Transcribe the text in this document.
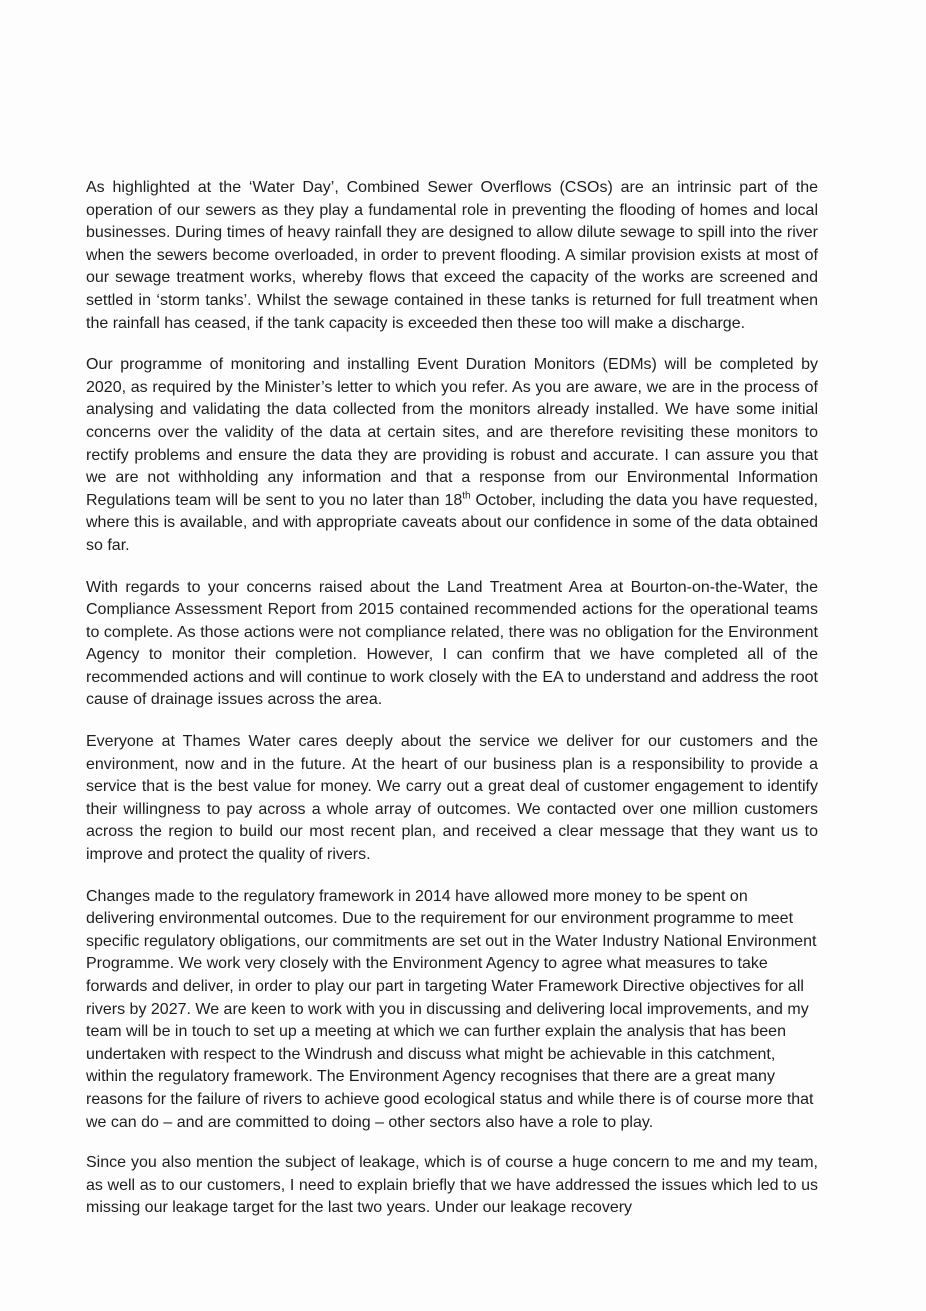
As highlighted at the ‘Water Day’, Combined Sewer Overflows (CSOs) are an intrinsic part of the operation of our sewers as they play a fundamental role in preventing the flooding of homes and local businesses. During times of heavy rainfall they are designed to allow dilute sewage to spill into the river when the sewers become overloaded, in order to prevent flooding. A similar provision exists at most of our sewage treatment works, whereby flows that exceed the capacity of the works are screened and settled in ‘storm tanks’. Whilst the sewage contained in these tanks is returned for full treatment when the rainfall has ceased, if the tank capacity is exceeded then these too will make a discharge.

Our programme of monitoring and installing Event Duration Monitors (EDMs) will be completed by 2020, as required by the Minister’s letter to which you refer. As you are aware, we are in the process of analysing and validating the data collected from the monitors already installed. We have some initial concerns over the validity of the data at certain sites, and are therefore revisiting these monitors to rectify problems and ensure the data they are providing is robust and accurate. I can assure you that we are not withholding any information and that a response from our Environmental Information Regulations team will be sent to you no later than 18th October, including the data you have requested, where this is available, and with appropriate caveats about our confidence in some of the data obtained so far.

With regards to your concerns raised about the Land Treatment Area at Bourton-on-the-Water, the Compliance Assessment Report from 2015 contained recommended actions for the operational teams to complete. As those actions were not compliance related, there was no obligation for the Environment Agency to monitor their completion. However, I can confirm that we have completed all of the recommended actions and will continue to work closely with the EA to understand and address the root cause of drainage issues across the area.

Everyone at Thames Water cares deeply about the service we deliver for our customers and the environment, now and in the future. At the heart of our business plan is a responsibility to provide a service that is the best value for money. We carry out a great deal of customer engagement to identify their willingness to pay across a whole array of outcomes. We contacted over one million customers across the region to build our most recent plan, and received a clear message that they want us to improve and protect the quality of rivers.

Changes made to the regulatory framework in 2014 have allowed more money to be spent on delivering environmental outcomes. Due to the requirement for our environment programme to meet specific regulatory obligations, our commitments are set out in the Water Industry National Environment Programme. We work very closely with the Environment Agency to agree what measures to take forwards and deliver, in order to play our part in targeting Water Framework Directive objectives for all rivers by 2027. We are keen to work with you in discussing and delivering local improvements, and my team will be in touch to set up a meeting at which we can further explain the analysis that has been undertaken with respect to the Windrush and discuss what might be achievable in this catchment, within the regulatory framework. The Environment Agency recognises that there are a great many reasons for the failure of rivers to achieve good ecological status and while there is of course more that we can do – and are committed to doing – other sectors also have a role to play.

Since you also mention the subject of leakage, which is of course a huge concern to me and my team, as well as to our customers, I need to explain briefly that we have addressed the issues which led to us missing our leakage target for the last two years. Under our leakage recovery
